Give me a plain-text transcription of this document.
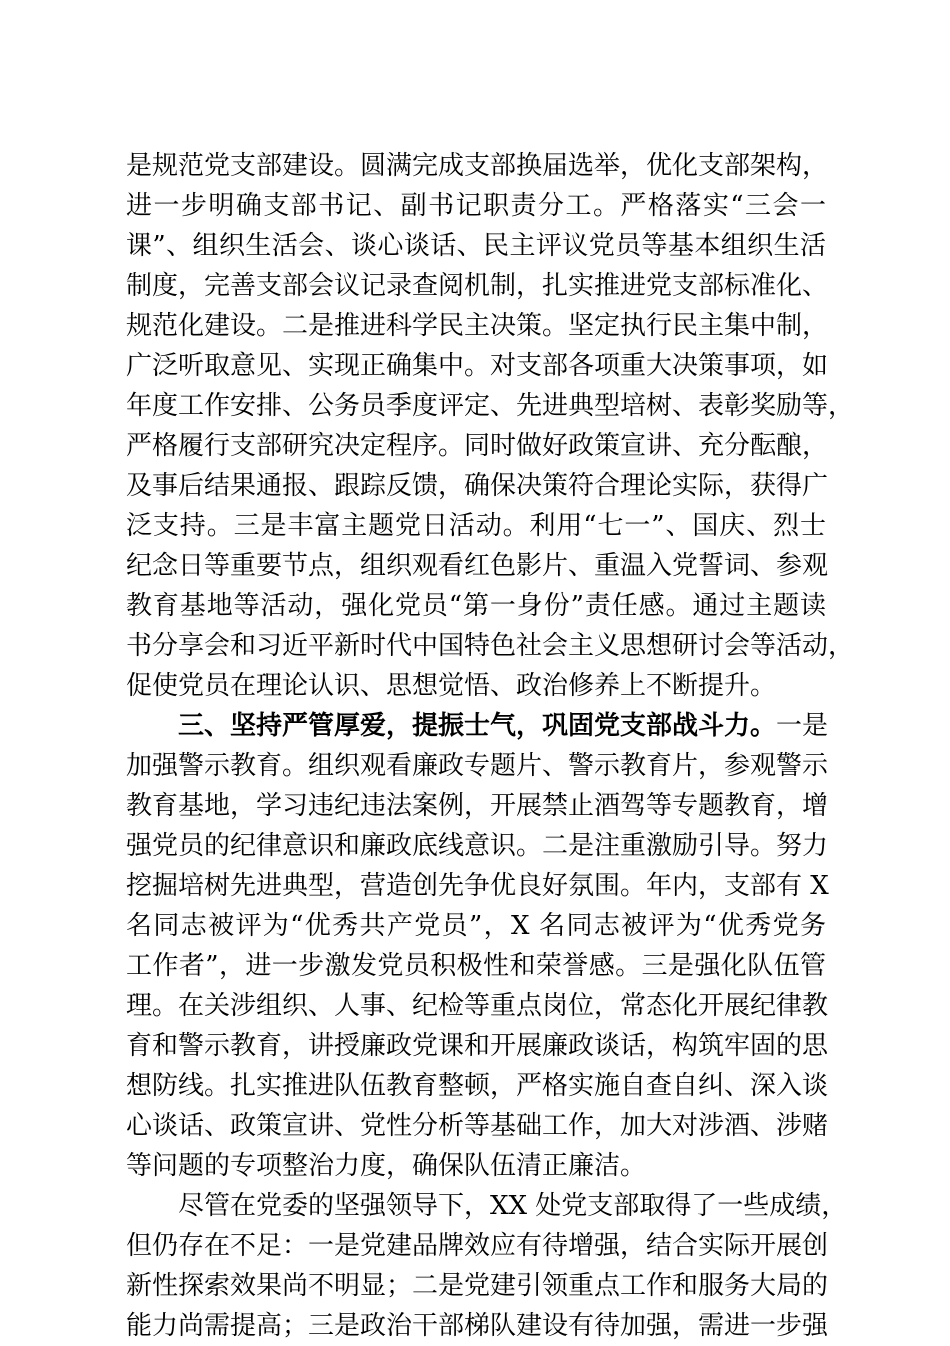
是规范党支部建设。圆满完成支部换届选举，优化支部架构，
进一步明确支部书记、副书记职责分工。严格落实“三会一
课”、组织生活会、谈心谈话、民主评议党员等基本组织生活
制度，完善支部会议记录查阅机制，扎实推进党支部标准化、
规范化建设。二是推进科学民主决策。坚定执行民主集中制，
广泛听取意见、实现正确集中。对支部各项重大决策事项，如
年度工作安排、公务员季度评定、先进典型培树、表彰奖励等，
严格履行支部研究决定程序。同时做好政策宣讲、充分酝酿，
及事后结果通报、跟踪反馈，确保决策符合理论实际，获得广
泛支持。三是丰富主题党日活动。利用“七一”、国庆、烈士
纪念日等重要节点，组织观看红色影片、重温入党誓词、参观
教育基地等活动，强化党员“第一身份”责任感。通过主题读
书分享会和习近平新时代中国特色社会主义思想研讨会等活动，
促使党员在理论认识、思想觉悟、政治修养上不断提升。
三、坚持严管厚爱，提振士气，巩固党支部战斗力。一是
加强警示教育。组织观看廉政专题片、警示教育片，参观警示
教育基地，学习违纪违法案例，开展禁止酒驾等专题教育，增
强党员的纪律意识和廉政底线意识。二是注重激励引导。努力
挖掘培树先进典型，营造创先争优良好氛围。年内，支部有 X
名同志被评为“优秀共产党员”，X 名同志被评为“优秀党务
工作者”，进一步激发党员积极性和荣誉感。三是强化队伍管
理。在关涉组织、人事、纪检等重点岗位，常态化开展纪律教
育和警示教育，讲授廉政党课和开展廉政谈话，构筑牢固的思
想防线。扎实推进队伍教育整顿，严格实施自查自纠、深入谈
心谈话、政策宣讲、党性分析等基础工作，加大对涉酒、涉赌
等问题的专项整治力度，确保队伍清正廉洁。
尽管在党委的坚强领导下，XX 处党支部取得了一些成绩，
但仍存在不足：一是党建品牌效应有待增强，结合实际开展创
新性探索效果尚不明显；二是党建引领重点工作和服务大局的
能力尚需提高；三是政治干部梯队建设有待加强，需进一步强
